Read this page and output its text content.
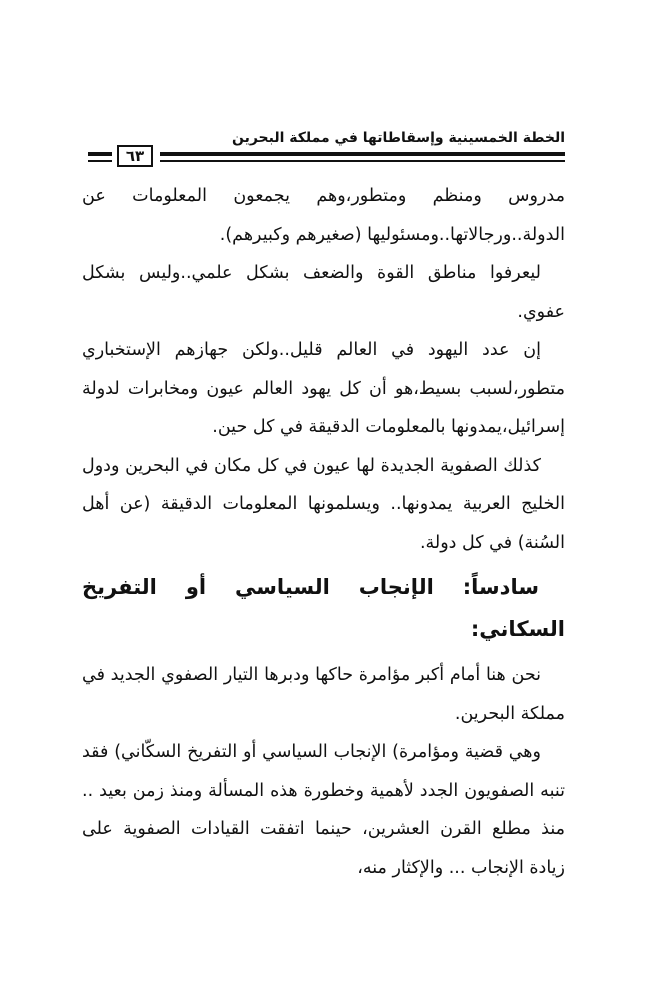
الخطة الخمسينية وإسقاطاتها في مملكة البحرين
٦٣

مدروس ومنظم ومتطور،وهم يجمعون المعلومات عن الدولة..ورجالاتها..ومسئوليها (صغيرهم وكبيرهم).

ليعرفوا مناطق القوة والضعف بشكل علمي..وليس بشكل عفوي.

إن عدد اليهود في العالم قليل..ولكن جهازهم الإستخباري متطور،لسبب بسيط،هو أن كل يهود العالم عيون ومخابرات لدولة إسرائيل،يمدونها بالمعلومات الدقيقة في كل حين.

كذلك الصفوية الجديدة لها عيون في كل مكان في البحرين ودول الخليج العربية يمدونها.. ويسلمونها المعلومات الدقيقة (عن أهل السُنة) في كل دولة.

سادساً: الإنجاب السياسي أو التفريخ السكاني:

نحن هنا أمام أكبر مؤامرة حاكها ودبرها التيار الصفوي الجديد في مملكة البحرين.

وهي قضية ومؤامرة) الإنجاب السياسي أو التفريخ السكّاني) فقد تنبه الصفويون الجدد لأهمية وخطورة هذه المسألة ومنذ زمن بعيد .. منذ مطلع القرن العشرين، حينما اتفقت القيادات الصفوية على زيادة الإنجاب ... والإكثار منه،
